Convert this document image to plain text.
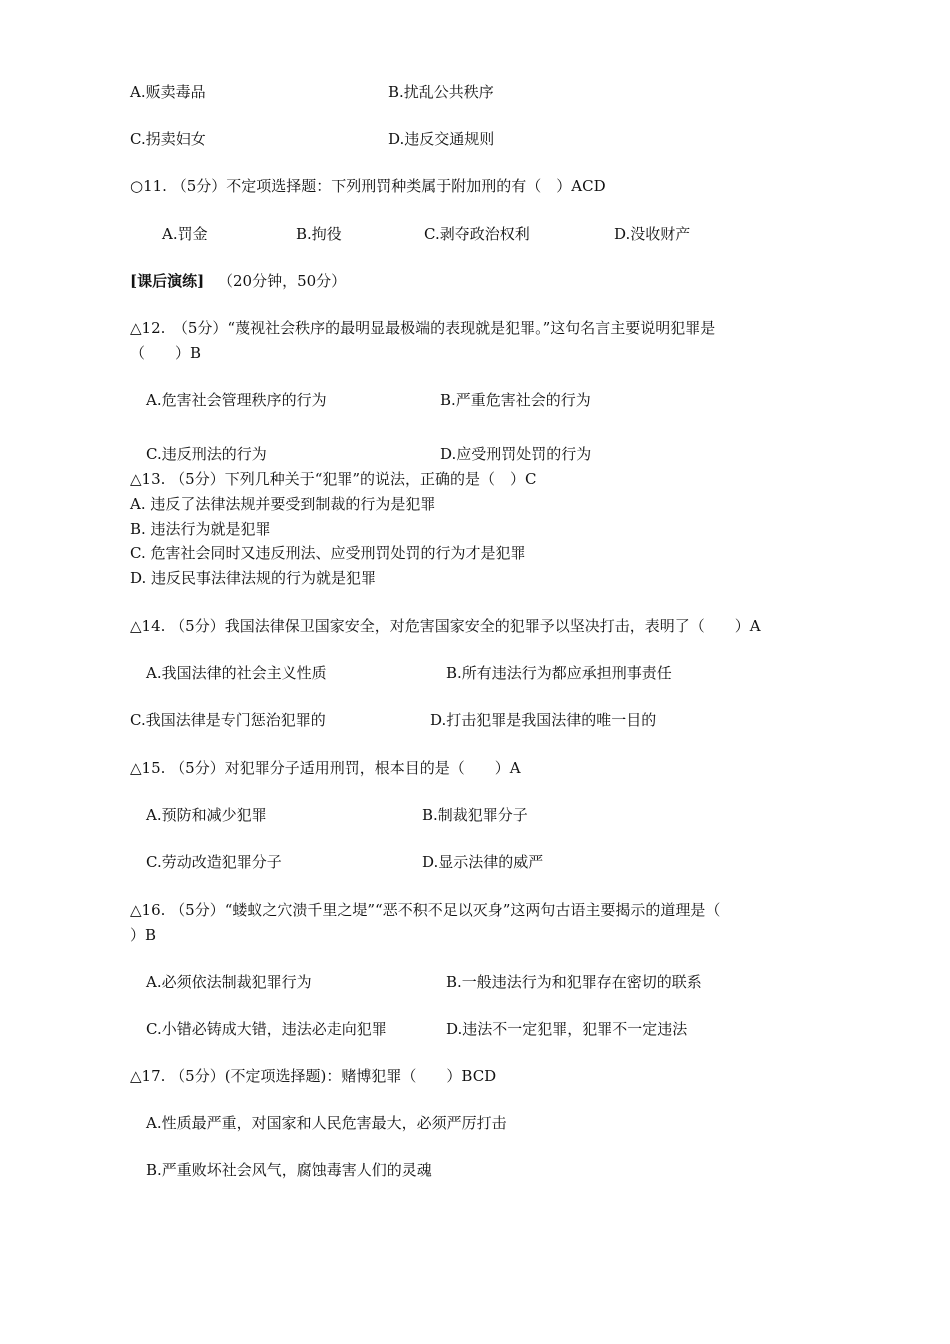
A.贩卖毒品	B.扰乱公共秩序
C.拐卖妇女	D.违反交通规则
○11. （5分）不定项选择题：下列刑罚种类属于附加刑的有（　）ACD
A.罚金	B.拘役	C.剥夺政治权利	D.没收财产
[课后演练] （20分钟，50分）
△12.　（5分）“蔑视社会秩序的最明显最极端的表现就是犯罪。”这句名言主要说明犯罪是
（　　）B
A.危害社会管理秩序的行为	B.严重危害社会的行为
C.违反刑法的行为	D.应受刑罚处罚的行为
△13. （5分）下列几种关于“犯罪”的说法，正确的是（　）C
A. 违反了法律法规并要受到制裁的行为是犯罪
B. 违法行为就是犯罪
C. 危害社会同时又违反刑法、应受刑罚处罚的行为才是犯罪
D. 违反民事法律法规的行为就是犯罪
△14. （5分）我国法律保卫国家安全，对危害国家安全的犯罪予以坚决打击，表明了（　　）A
A.我国法律的社会主义性质	B.所有违法行为都应承担刑事责任
C.我国法律是专门惩治犯罪的	D.打击犯罪是我国法律的唯一目的
△15. （5分）对犯罪分子适用刑罚，根本目的是（　　）A
A.预防和减少犯罪	B.制裁犯罪分子
C.劳动改造犯罪分子	D.显示法律的威严
△16. （5分）“蝼蚁之穴溃千里之堤”“恶不积不足以灭身”这两句古语主要揭示的道理是（
）B
A.必须依法制裁犯罪行为	B.一般违法行为和犯罪存在密切的联系
C.小错必铸成大错，违法必走向犯罪	D.违法不一定犯罪，犯罪不一定违法
△17. （5分）(不定项选择题)：赌博犯罪（　　）BCD
A.性质最严重，对国家和人民危害最大，必须严厉打击
B.严重败坏社会风气，腐蚀毒害人们的灵魂
